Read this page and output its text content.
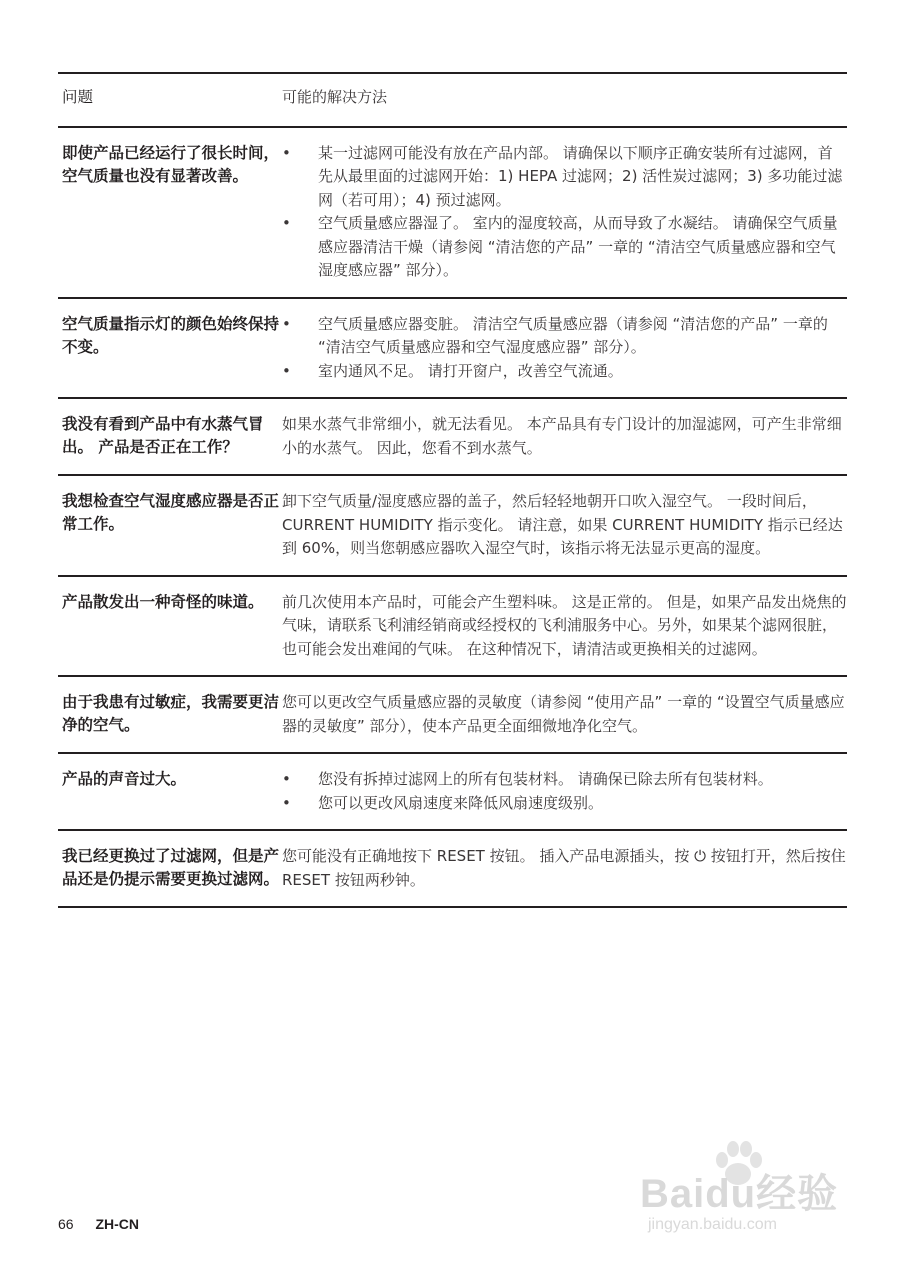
问题	可能的解决方法
即使产品已经运行了很长时间，空气质量也没有显著改善。
• 某一过滤网可能没有放在产品内部。 请确保以下顺序正确安装所有过滤网，首先从最里面的过滤网开始：1) HEPA 过滤网；2) 活性炭过滤网；3) 多功能过滤网（若可用）；4) 预过滤网。
• 空气质量感应器湿了。 室内的湿度较高，从而导致了水凝结。 请确保空气质量感应器清洁干燥（请参阅 “清洁您的产品” 一章的 “清洁空气质量感应器和空气湿度感应器” 部分）。
空气质量指示灯的颜色始终保持不变。
• 空气质量感应器变脏。 清洁空气质量感应器（请参阅 “清洁您的产品” 一章的 “清洁空气质量感应器和空气湿度感应器” 部分）。
• 室内通风不足。 请打开窗户，改善空气流通。
我没有看到产品中有水蒸气冒出。 产品是否正在工作？
如果水蒸气非常细小，就无法看见。 本产品具有专门设计的加湿滤网，可产生非常细小的水蒸气。 因此，您看不到水蒸气。
我想检查空气湿度感应器是否正常工作。
卸下空气质量/湿度感应器的盖子，然后轻轻地朝开口吹入湿空气。 一段时间后，CURRENT HUMIDITY 指示变化。 请注意，如果 CURRENT HUMIDITY 指示已经达到 60%，则当您朝感应器吹入湿空气时，该指示将无法显示更高的湿度。
产品散发出一种奇怪的味道。	前几次使用本产品时，可能会产生塑料味。 这是正常的。 但是，如果产品发出烧焦的气味，请联系飞利浦经销商或经授权的飞利浦服务中心。另外，如果某个滤网很脏，也可能会发出难闻的气味。 在这种情况下，请清洁或更换相关的过滤网。
由于我患有过敏症，我需要更洁净的空气。
您可以更改空气质量感应器的灵敏度（请参阅 “使用产品” 一章的 “设置空气质量感应器的灵敏度” 部分），使本产品更全面细微地净化空气。
产品的声音过大。
•	您没有拆掉过滤网上的所有包装材料。 请确保已除去所有包装材料。
• 您可以更改风扇速度来降低风扇速度级别。
我已经更换过了过滤网，但是产品还是仍提示需要更换过滤网。
您可能没有正确地按下 RESET 按钮。 插入产品电源插头，按 ⏻ 按钮打开，然后按住 RESET 按钮两秒钟。
66 ZH-CN
Baidu经验
jingyan.baidu.com
